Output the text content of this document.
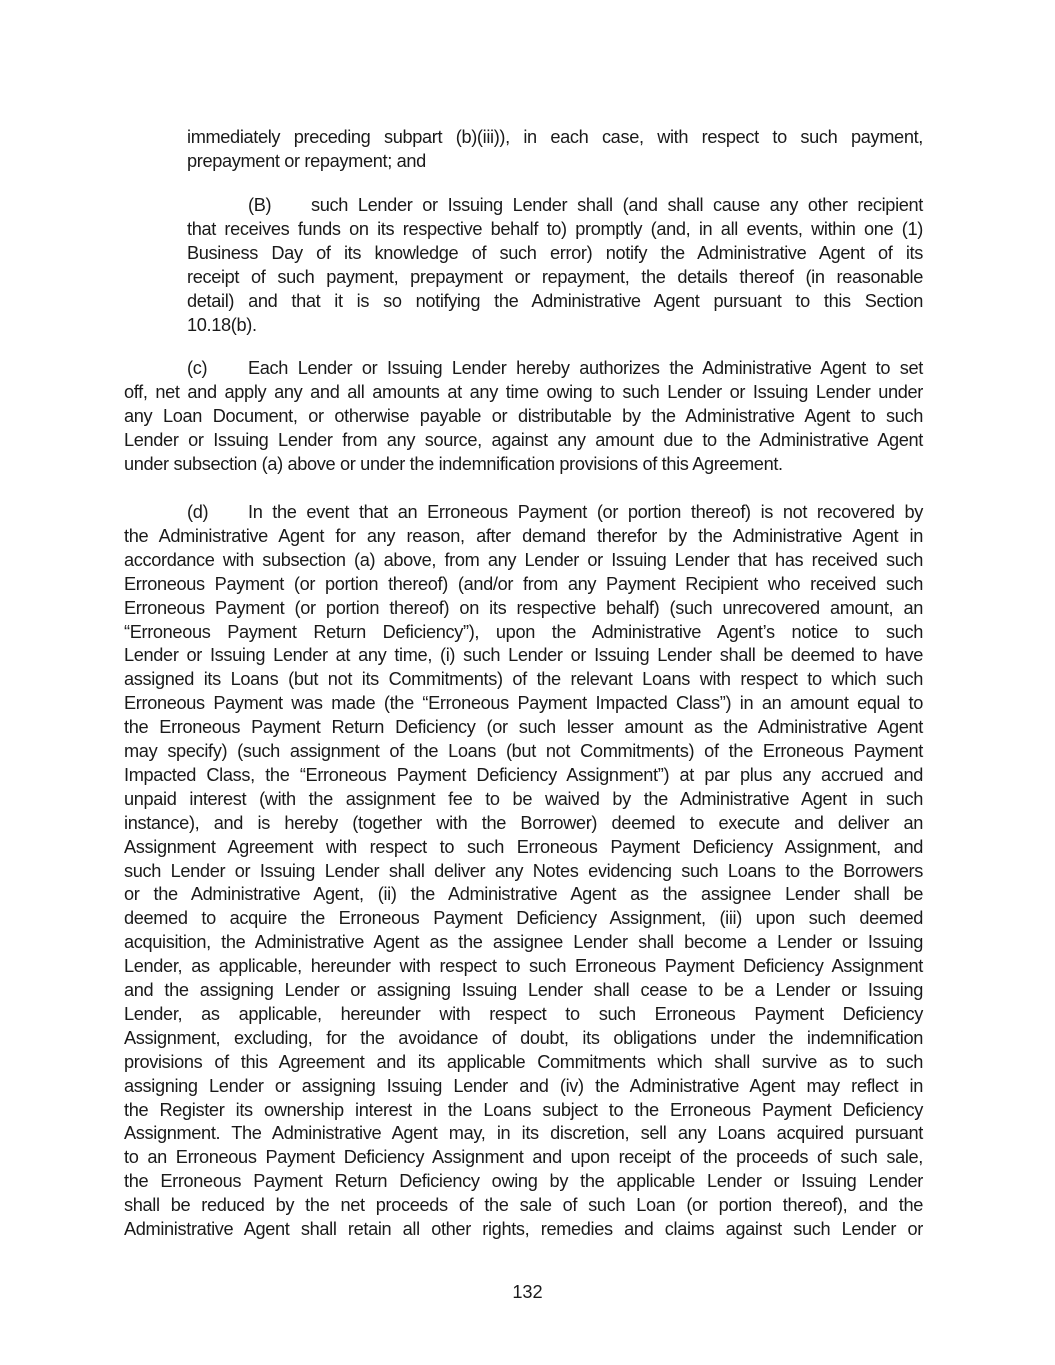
immediately preceding subpart (b)(iii)), in each case, with respect to such payment,
prepayment or repayment; and
(B) such Lender or Issuing Lender shall (and shall cause any other recipient
that receives funds on its respective behalf to) promptly (and, in all events, within one (1)
Business Day of its knowledge of such error) notify the Administrative Agent of its
receipt of such payment, prepayment or repayment, the details thereof (in reasonable
detail) and that it is so notifying the Administrative Agent pursuant to this Section
10.18(b).
(c) Each Lender or Issuing Lender hereby authorizes the Administrative Agent to set
off, net and apply any and all amounts at any time owing to such Lender or Issuing Lender under
any Loan Document, or otherwise payable or distributable by the Administrative Agent to such
Lender or Issuing Lender from any source, against any amount due to the Administrative Agent
under subsection (a) above or under the indemnification provisions of this Agreement.
(d) In the event that an Erroneous Payment (or portion thereof) is not recovered by
the Administrative Agent for any reason, after demand therefor by the Administrative Agent in
accordance with subsection (a) above, from any Lender or Issuing Lender that has received such
Erroneous Payment (or portion thereof) (and/or from any Payment Recipient who received such
Erroneous Payment (or portion thereof) on its respective behalf) (such unrecovered amount, an
“Erroneous Payment Return Deficiency”), upon the Administrative Agent’s notice to such
Lender or Issuing Lender at any time, (i) such Lender or Issuing Lender shall be deemed to have
assigned its Loans (but not its Commitments) of the relevant Loans with respect to which such
Erroneous Payment was made (the “Erroneous Payment Impacted Class”) in an amount equal to
the Erroneous Payment Return Deficiency (or such lesser amount as the Administrative Agent
may specify) (such assignment of the Loans (but not Commitments) of the Erroneous Payment
Impacted Class, the “Erroneous Payment Deficiency Assignment”) at par plus any accrued and
unpaid interest (with the assignment fee to be waived by the Administrative Agent in such
instance), and is hereby (together with the Borrower) deemed to execute and deliver an
Assignment Agreement with respect to such Erroneous Payment Deficiency Assignment, and
such Lender or Issuing Lender shall deliver any Notes evidencing such Loans to the Borrowers
or the Administrative Agent, (ii) the Administrative Agent as the assignee Lender shall be
deemed to acquire the Erroneous Payment Deficiency Assignment, (iii) upon such deemed
acquisition, the Administrative Agent as the assignee Lender shall become a Lender or Issuing
Lender, as applicable, hereunder with respect to such Erroneous Payment Deficiency Assignment
and the assigning Lender or assigning Issuing Lender shall cease to be a Lender or Issuing
Lender, as applicable, hereunder with respect to such Erroneous Payment Deficiency
Assignment, excluding, for the avoidance of doubt, its obligations under the indemnification
provisions of this Agreement and its applicable Commitments which shall survive as to such
assigning Lender or assigning Issuing Lender and (iv) the Administrative Agent may reflect in
the Register its ownership interest in the Loans subject to the Erroneous Payment Deficiency
Assignment. The Administrative Agent may, in its discretion, sell any Loans acquired pursuant
to an Erroneous Payment Deficiency Assignment and upon receipt of the proceeds of such sale,
the Erroneous Payment Return Deficiency owing by the applicable Lender or Issuing Lender
shall be reduced by the net proceeds of the sale of such Loan (or portion thereof), and the
Administrative Agent shall retain all other rights, remedies and claims against such Lender or
132
